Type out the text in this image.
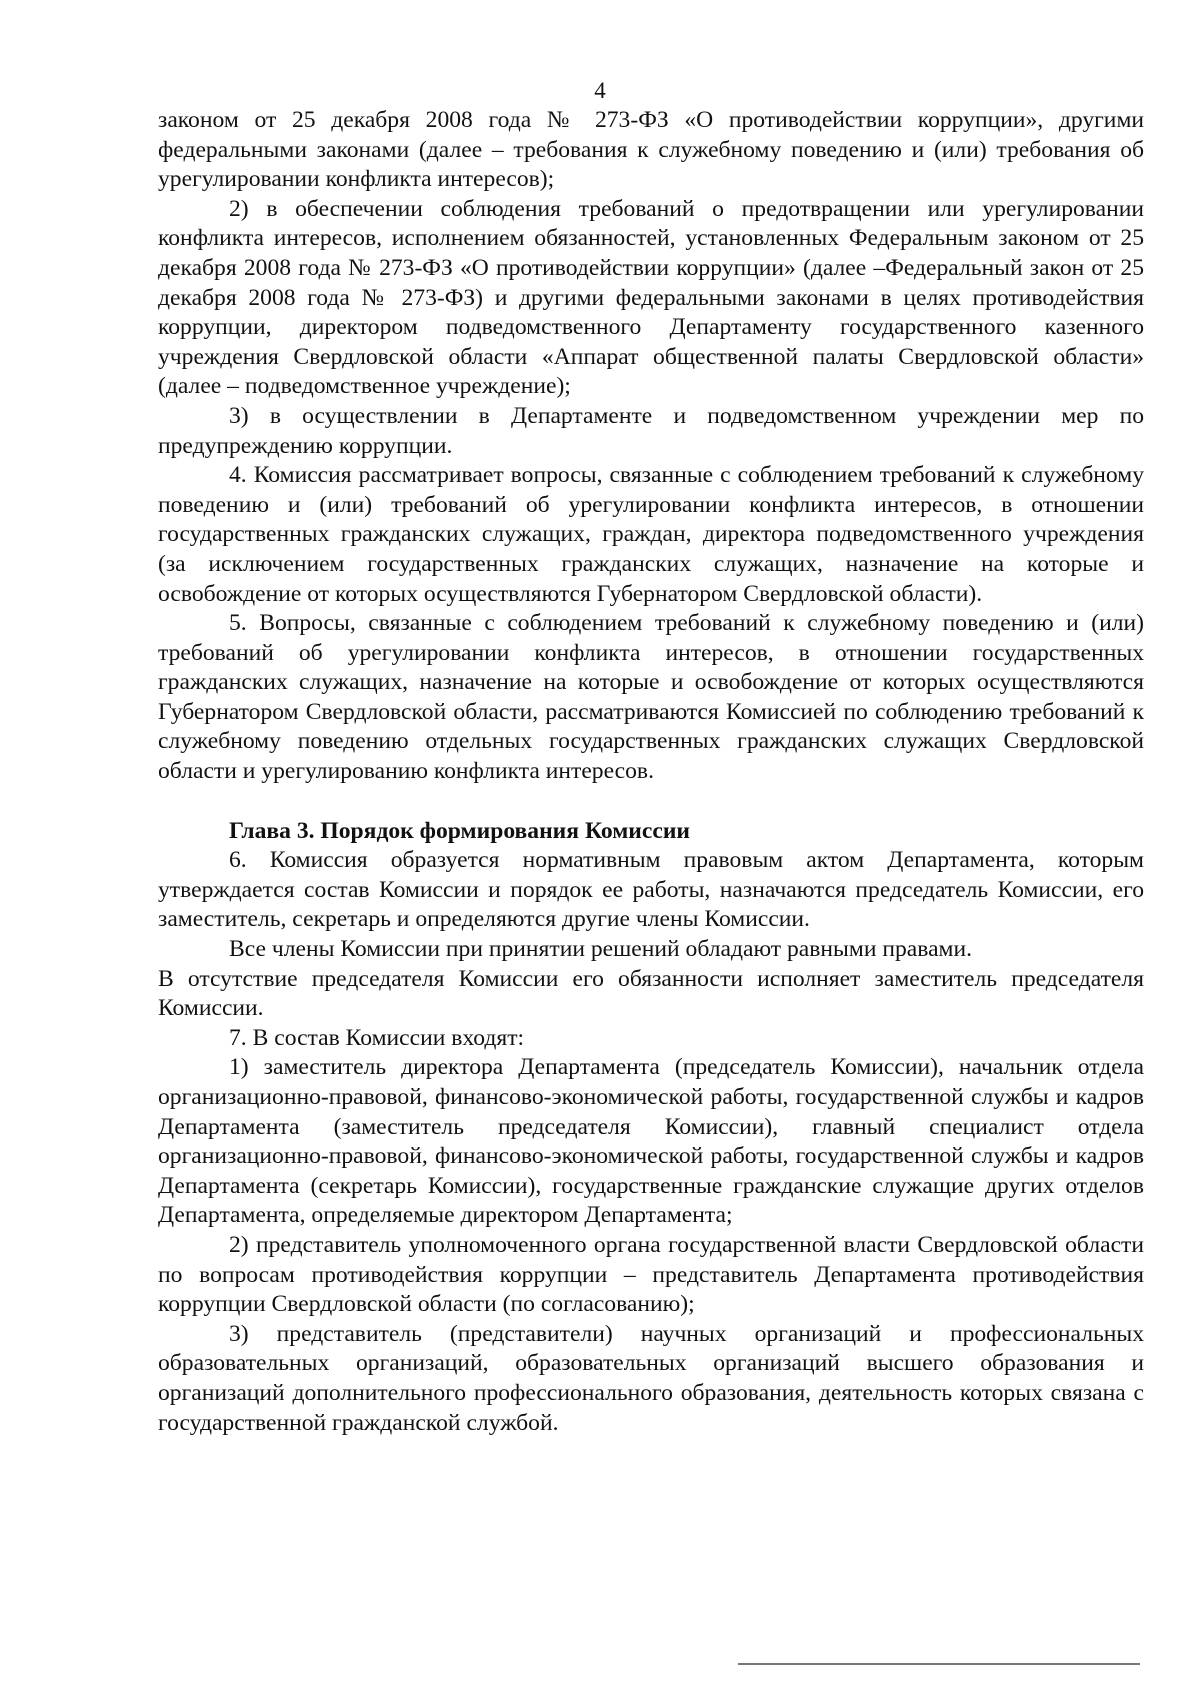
4

законом от 25 декабря 2008 года № 273-ФЗ «О противодействии коррупции», другими федеральными законами (далее – требования к служебному поведению и (или) требования об урегулировании конфликта интересов);

2) в обеспечении соблюдения требований о предотвращении или урегулировании конфликта интересов, исполнением обязанностей, установленных Федеральным законом от 25 декабря 2008 года № 273-ФЗ «О противодействии коррупции» (далее –Федеральный закон от 25 декабря 2008 года № 273-ФЗ) и другими федеральными законами в целях противодействия коррупции, директором подведомственного Департаменту государственного казенного учреждения Свердловской области «Аппарат общественной палаты Свердловской области» (далее – подведомственное учреждение);

3) в осуществлении в Департаменте и подведомственном учреждении мер по предупреждению коррупции.

4. Комиссия рассматривает вопросы, связанные с соблюдением требований к служебному поведению и (или) требований об урегулировании конфликта интересов, в отношении государственных гражданских служащих, граждан, директора подведомственного учреждения (за исключением государственных гражданских служащих, назначение на которые и освобождение от которых осуществляются Губернатором Свердловской области).

5. Вопросы, связанные с соблюдением требований к служебному поведению и (или) требований об урегулировании конфликта интересов, в отношении государственных гражданских служащих, назначение на которые и освобождение от которых осуществляются Губернатором Свердловской области, рассматриваются Комиссией по соблюдению требований к служебному поведению отдельных государственных гражданских служащих Свердловской области и урегулированию конфликта интересов.

Глава 3. Порядок формирования Комиссии

6. Комиссия образуется нормативным правовым актом Департамента, которым утверждается состав Комиссии и порядок ее работы, назначаются председатель Комиссии, его заместитель, секретарь и определяются другие члены Комиссии.

Все члены Комиссии при принятии решений обладают равными правами.

В отсутствие председателя Комиссии его обязанности исполняет заместитель председателя Комиссии.

7. В состав Комиссии входят:

1) заместитель директора Департамента (председатель Комиссии), начальник отдела организационно-правовой, финансово-экономической работы, государственной службы и кадров Департамента (заместитель председателя Комиссии), главный специалист отдела организационно-правовой, финансово-экономической работы, государственной службы и кадров Департамента (секретарь Комиссии), государственные гражданские служащие других отделов Департамента, определяемые директором Департамента;

2) представитель уполномоченного органа государственной власти Свердловской области по вопросам противодействия коррупции – представитель Департамента противодействия коррупции Свердловской области (по согласованию);

3) представитель (представители) научных организаций и профессиональных образовательных организаций, образовательных организаций высшего образования и организаций дополнительного профессионального образования, деятельность которых связана с государственной гражданской службой.
